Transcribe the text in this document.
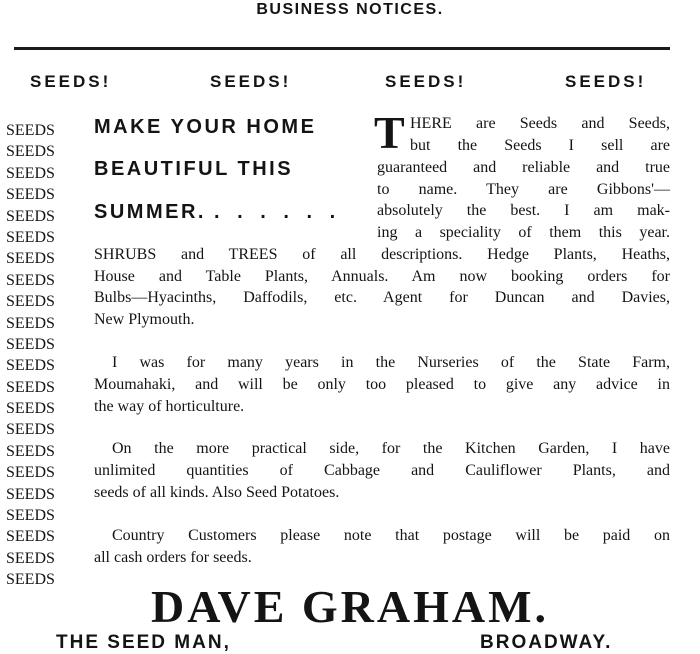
BUSINESS NOTICES.
SEEDS!	SEEDS!	SEEDS!	SEEDS!
SEEDS
SEEDS
SEEDS
SEEDS
SEEDS
SEEDS
SEEDS
SEEDS
SEEDS
SEEDS
SEEDS
SEEDS
SEEDS
SEEDS
SEEDS
SEEDS
SEEDS
SEEDS
SEEDS
SEEDS
SEEDS
SEEDS
MAKE YOUR HOME
BEAUTIFUL THIS
SUMMER. . . . . . .
T HERE are Seeds and Seeds,
but the Seeds I sell are
guaranteed and reliable and true
to name. They are Gibbons'—
absolutely the best. I am mak-
ing a speciality of them this year.
SHRUBS and TREES of all descriptions. Hedge Plants, Heaths,
House and Table Plants, Annuals. Am now booking orders for
Bulbs—Hyacinths, Daffodils, etc. Agent for Duncan and Davies,
New Plymouth.
I was for many years in the Nurseries of the State Farm,
Moumahaki, and will be only too pleased to give any advice in
the way of horticulture.
On the more practical side, for the Kitchen Garden, I have
unlimited quantities of Cabbage and Cauliflower Plants, and
seeds of all kinds. Also Seed Potatoes.
Country Customers please note that postage will be paid on
all cash orders for seeds.
DAVE GRAHAM.
THE SEED MAN,	BROADWAY.
